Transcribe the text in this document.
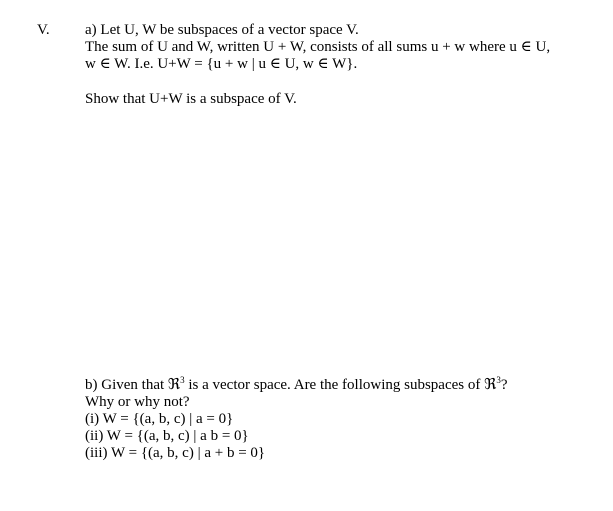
V. a) Let U, W be subspaces of a vector space V.
The sum of U and W, written U + W, consists of all sums u + w where u ∈ U,
w ∈ W. I.e. U+W = {u + w | u ∈ U, w ∈ W}.
Show that U+W is a subspace of V.
b) Given that ℜ$^3$ is a vector space. Are the following subspaces of ℜ$^3$?
Why or why not?
(i) W = {(a, b, c) | a = 0}
(ii) W = {(a, b, c) | a b = 0}
(iii) W = {(a, b, c) | a + b = 0}
